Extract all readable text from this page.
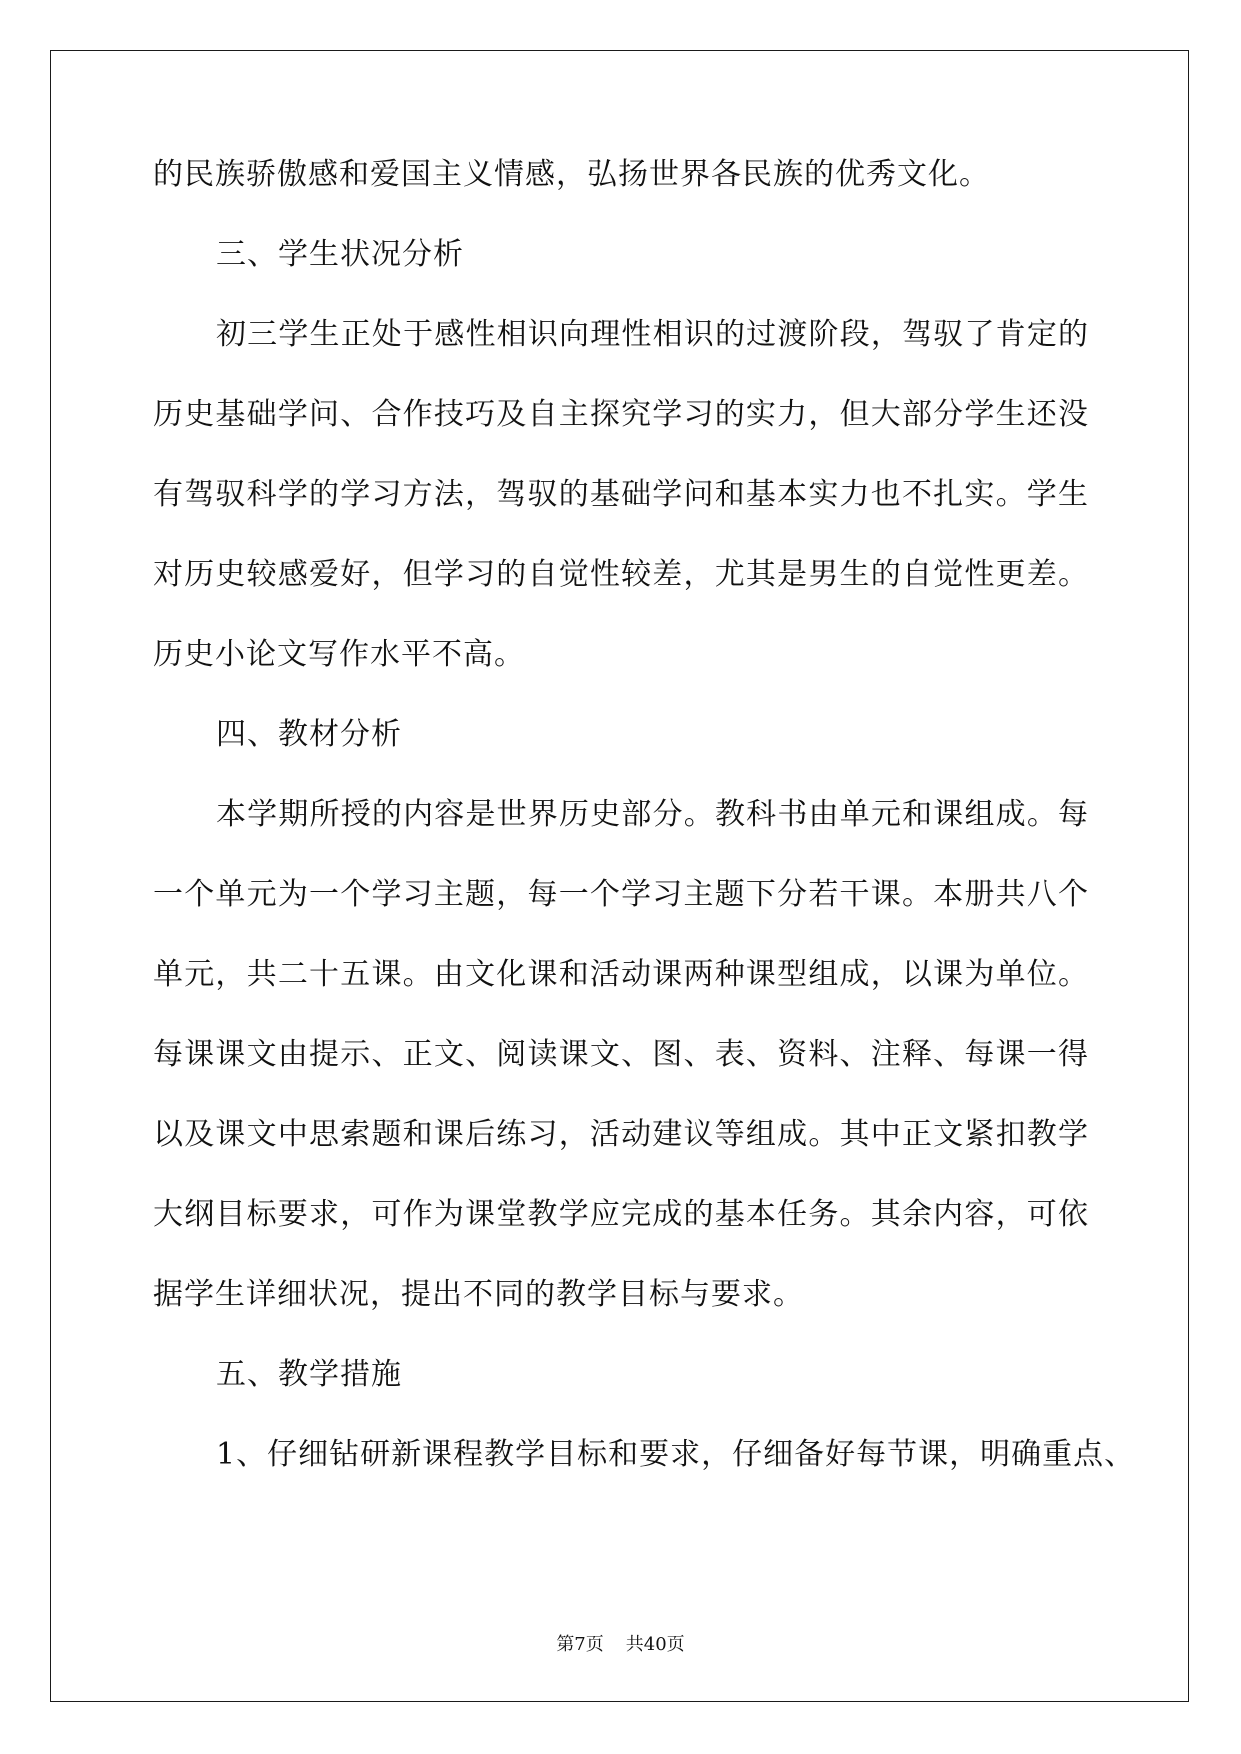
的民族骄傲感和爱国主义情感，弘扬世界各民族的优秀文化。
三、学生状况分析
初三学生正处于感性相识向理性相识的过渡阶段，驾驭了肯定的
历史基础学问、合作技巧及自主探究学习的实力，但大部分学生还没
有驾驭科学的学习方法，驾驭的基础学问和基本实力也不扎实。学生
对历史较感爱好，但学习的自觉性较差，尤其是男生的自觉性更差。
历史小论文写作水平不高。
四、教材分析
本学期所授的内容是世界历史部分。教科书由单元和课组成。每
一个单元为一个学习主题，每一个学习主题下分若干课。本册共八个
单元，共二十五课。由文化课和活动课两种课型组成，以课为单位。
每课课文由提示、正文、阅读课文、图、表、资料、注释、每课一得
以及课文中思索题和课后练习，活动建议等组成。其中正文紧扣教学
大纲目标要求，可作为课堂教学应完成的基本任务。其余内容，可依
据学生详细状况，提出不同的教学目标与要求。
五、教学措施
1、仔细钻研新课程教学目标和要求，仔细备好每节课，明确重点、
第7页 共40页
